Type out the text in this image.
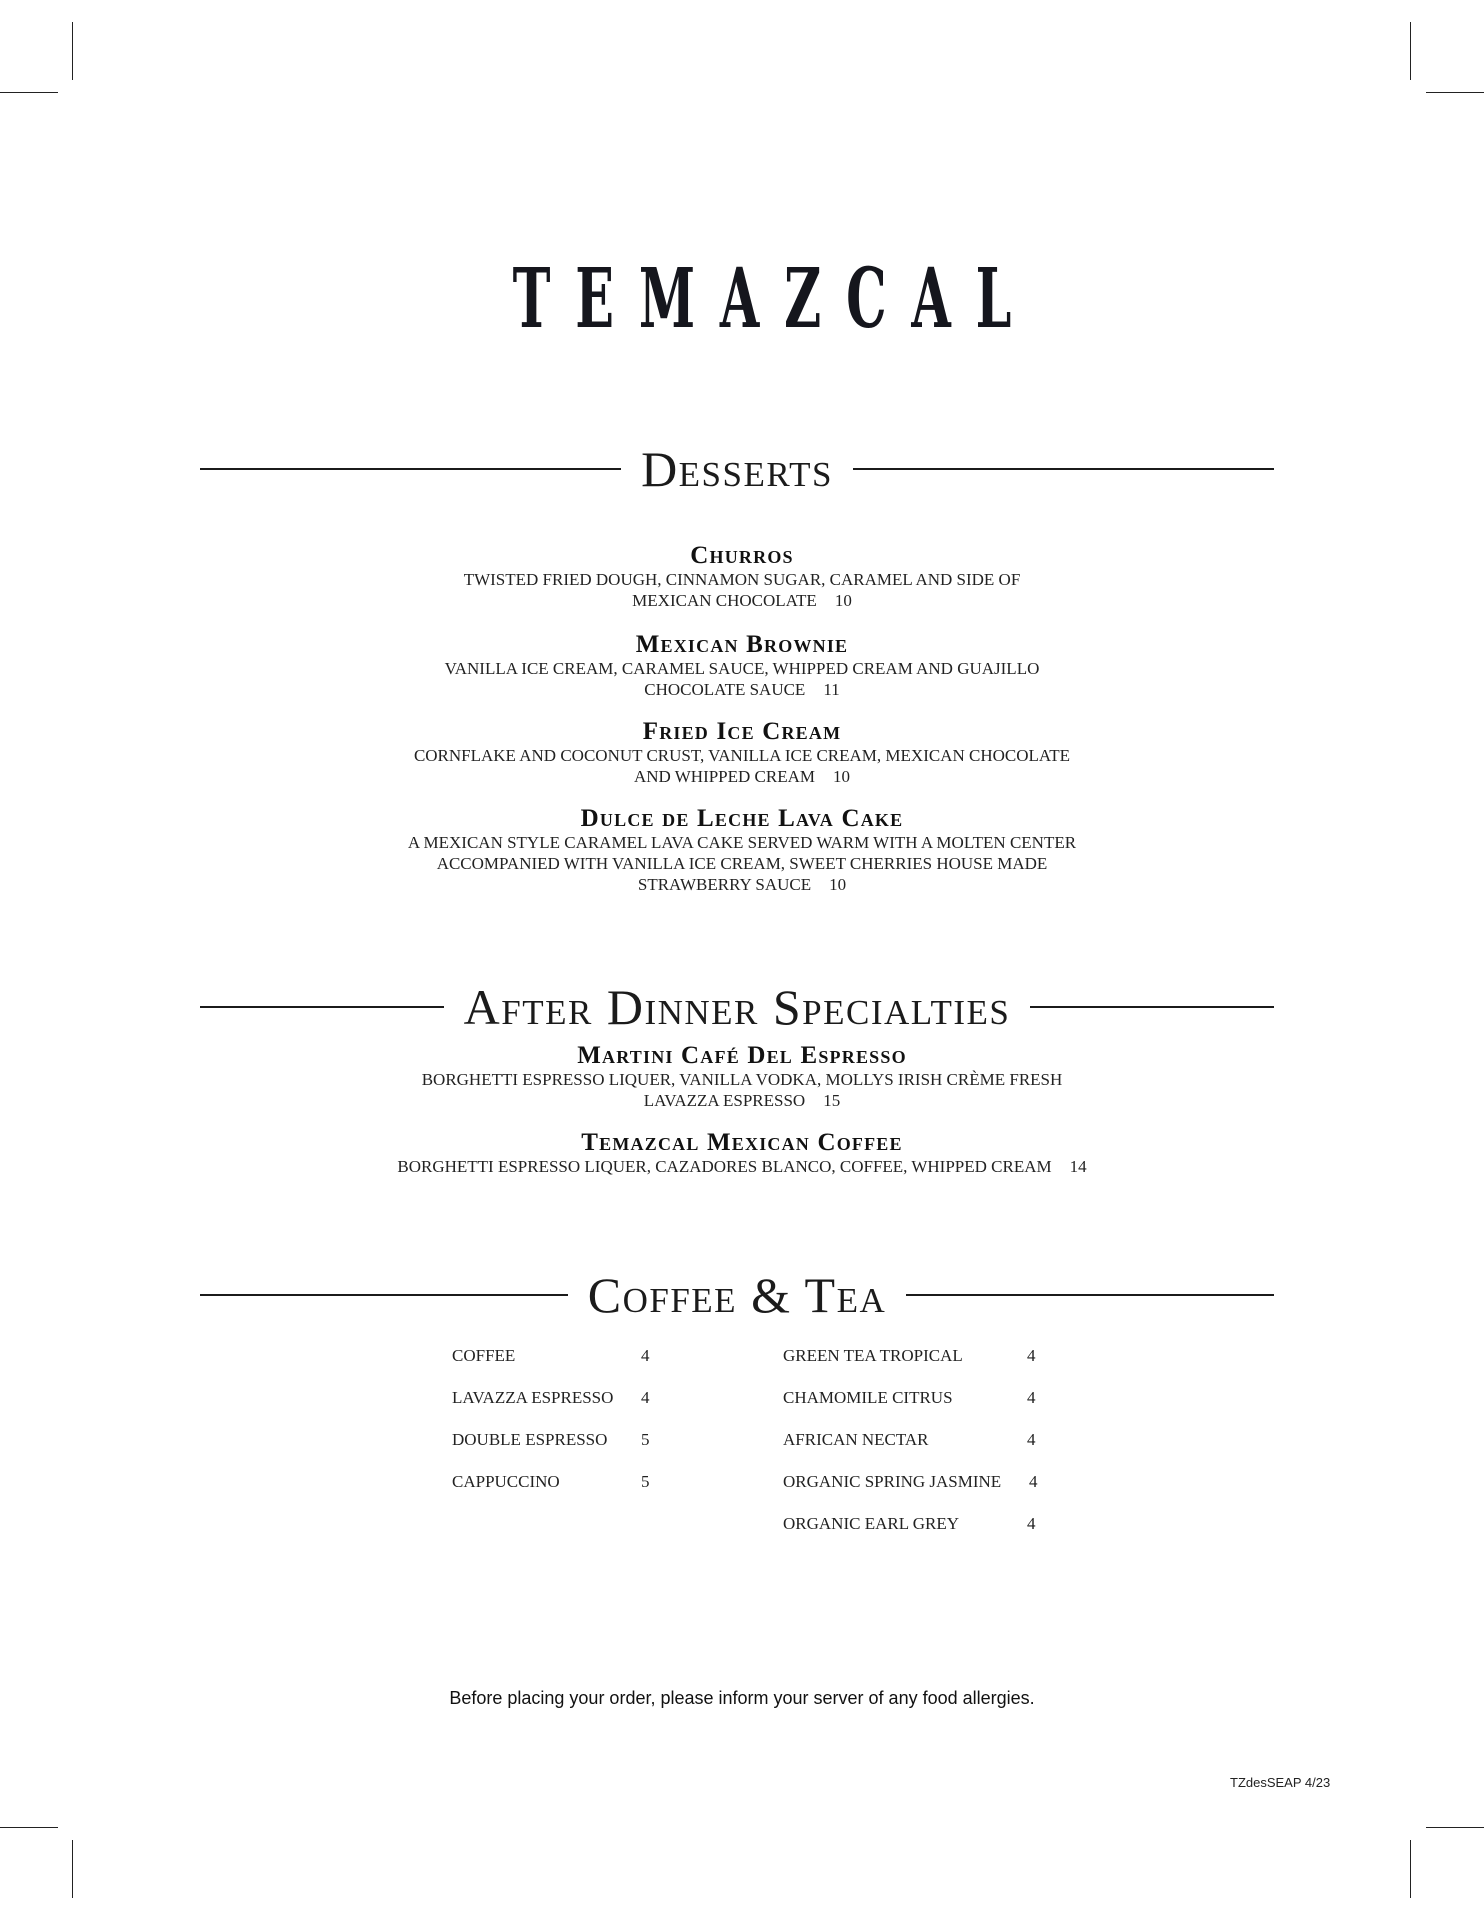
TEMAZCAL
Desserts
Churros
TWISTED FRIED DOUGH, CINNAMON SUGAR, CARAMEL AND SIDE OF
MEXICAN CHOCOLATE 10
Mexican Brownie
VANILLA ICE CREAM, CARAMEL SAUCE, WHIPPED CREAM AND GUAJILLO
CHOCOLATE SAUCE 11
Fried Ice Cream
CORNFLAKE AND COCONUT CRUST, VANILLA ICE CREAM, MEXICAN CHOCOLATE
AND WHIPPED CREAM 10
Dulce de Leche Lava Cake
A MEXICAN STYLE CARAMEL LAVA CAKE SERVED WARM WITH A MOLTEN CENTER
ACCOMPANIED WITH VANILLA ICE CREAM, SWEET CHERRIES HOUSE MADE
STRAWBERRY SAUCE 10
After Dinner Specialties
Martini Café Del Espresso
BORGHETTI ESPRESSO LIQUER, VANILLA VODKA, MOLLYS IRISH CRÈME FRESH
LAVAZZA ESPRESSO 15
Temazcal Mexican Coffee
BORGHETTI ESPRESSO LIQUER, CAZADORES BLANCO, COFFEE, WHIPPED CREAM 14
Coffee & Tea
COFFEE	4
LAVAZZA ESPRESSO 4
DOUBLE ESPRESSO 5
CAPPUCCINO	5
GREEN TEA TROPICAL	4
CHAMOMILE CITRUS	4
AFRICAN NECTAR	4
ORGANIC SPRING JASMINE 4
ORGANIC EARL GREY	4
Before placing your order, please inform your server of any food allergies.
TZdesSEAP 4/23
